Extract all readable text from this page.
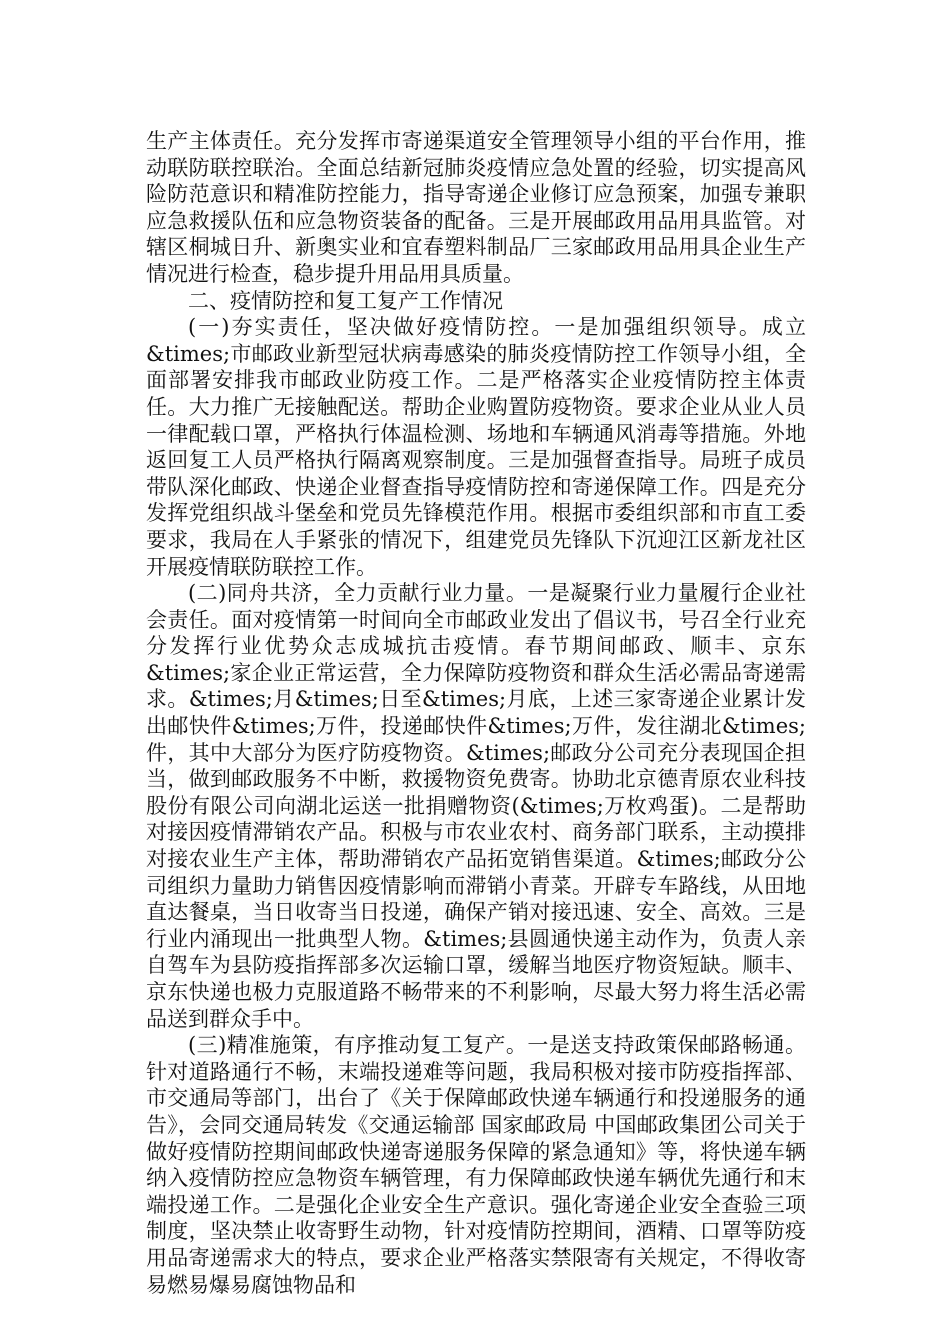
生产主体责任。充分发挥市寄递渠道安全管理领导小组的平台作用，推动联防联控联治。全面总结新冠肺炎疫情应急处置的经验，切实提高风险防范意识和精准防控能力，指导寄递企业修订应急预案，加强专兼职应急救援队伍和应急物资装备的配备。三是开展邮政用品用具监管。对辖区桐城日升、新奥实业和宜春塑料制品厂三家邮政用品用具企业生产情况进行检查，稳步提升用品用具质量。

二、疫情防控和复工复产工作情况

(一)夯实责任，坚决做好疫情防控。一是加强组织领导。成立&times;市邮政业新型冠状病毒感染的肺炎疫情防控工作领导小组，全面部署安排我市邮政业防疫工作。二是严格落实企业疫情防控主体责任。大力推广无接触配送。帮助企业购置防疫物资。要求企业从业人员一律配载口罩，严格执行体温检测、场地和车辆通风消毒等措施。外地返回复工人员严格执行隔离观察制度。三是加强督查指导。局班子成员带队深化邮政、快递企业督查指导疫情防控和寄递保障工作。四是充分发挥党组织战斗堡垒和党员先锋模范作用。根据市委组织部和市直工委要求，我局在人手紧张的情况下，组建党员先锋队下沉迎江区新龙社区开展疫情联防联控工作。

(二)同舟共济，全力贡献行业力量。一是凝聚行业力量履行企业社会责任。面对疫情第一时间向全市邮政业发出了倡议书，号召全行业充分发挥行业优势众志成城抗击疫情。春节期间邮政、顺丰、京东&times;家企业正常运营，全力保障防疫物资和群众生活必需品寄递需求。&times;月&times;日至&times;月底，上述三家寄递企业累计发出邮快件&times;万件，投递邮快件&times;万件，发往湖北&times;件，其中大部分为医疗防疫物资。&times;邮政分公司充分表现国企担当，做到邮政服务不中断，救援物资免费寄。协助北京德青原农业科技股份有限公司向湖北运送一批捐赠物资(&times;万枚鸡蛋)。二是帮助对接因疫情滞销农产品。积极与市农业农村、商务部门联系，主动摸排对接农业生产主体，帮助滞销农产品拓宽销售渠道。&times;邮政分公司组织力量助力销售因疫情影响而滞销小青菜。开辟专车路线，从田地直达餐桌，当日收寄当日投递，确保产销对接迅速、安全、高效。三是行业内涌现出一批典型人物。&times;县圆通快递主动作为，负责人亲自驾车为县防疫指挥部多次运输口罩，缓解当地医疗物资短缺。顺丰、京东快递也极力克服道路不畅带来的不利影响，尽最大努力将生活必需品送到群众手中。

(三)精准施策，有序推动复工复产。一是送支持政策保邮路畅通。针对道路通行不畅，末端投递难等问题，我局积极对接市防疫指挥部、市交通局等部门，出台了《关于保障邮政快递车辆通行和投递服务的通告》，会同交通局转发《交通运输部 国家邮政局 中国邮政集团公司关于做好疫情防控期间邮政快递寄递服务保障的紧急通知》等，将快递车辆纳入疫情防控应急物资车辆管理，有力保障邮政快递车辆优先通行和末端投递工作。二是强化企业安全生产意识。强化寄递企业安全查验三项制度，坚决禁止收寄野生动物，针对疫情防控期间，酒精、口罩等防疫用品寄递需求大的特点，要求企业严格落实禁限寄有关规定，不得收寄易燃易爆易腐蚀物品和
